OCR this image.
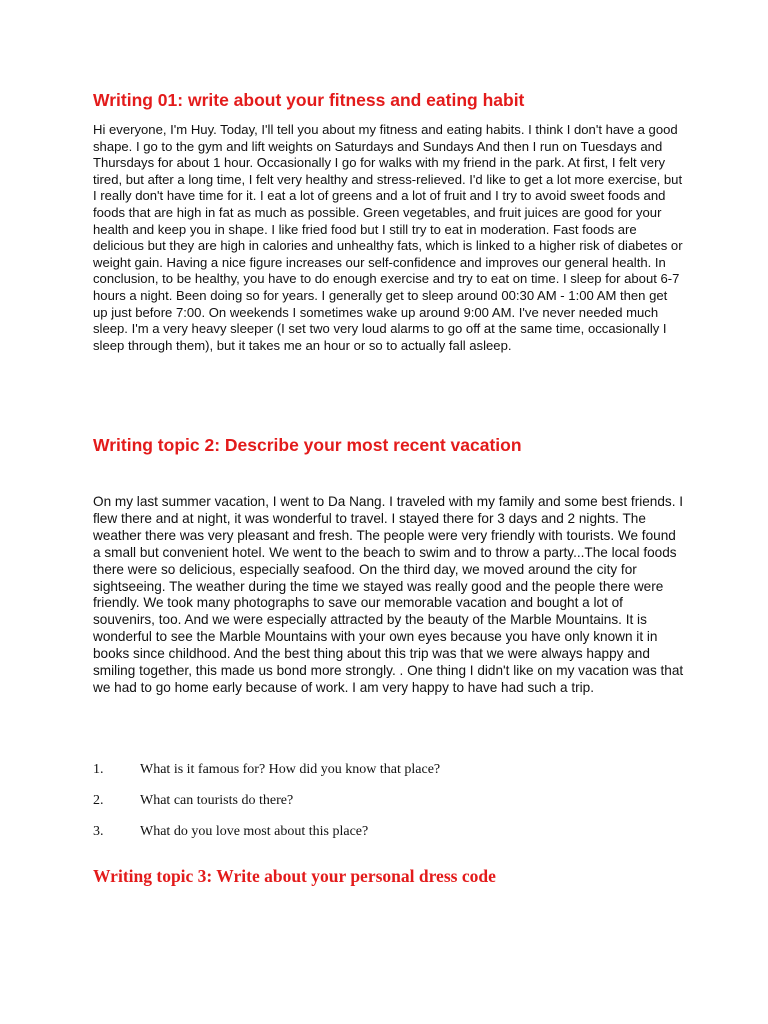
Writing 01: write about your fitness and eating habit

Hi everyone, I'm Huy. Today, I'll tell you about my fitness and eating habits. I think I don't have a good shape. I go to the gym and lift weights on Saturdays and Sundays And then I run on Tuesdays and Thursdays for about 1 hour. Occasionally I go for walks with my friend in the park. At first, I felt very tired, but after a long time, I felt very healthy and stress-relieved. I'd like to get a lot more exercise, but I really don't have time for it. I eat a lot of greens and a lot of fruit and I try to avoid sweet foods and foods that are high in fat as much as possible. Green vegetables, and fruit juices are good for your health and keep you in shape. I like fried food but I still try to eat in moderation. Fast foods are delicious but they are high in calories and unhealthy fats, which is linked to a higher risk of diabetes or weight gain. Having a nice figure increases our self-confidence and improves our general health. In conclusion, to be healthy, you have to do enough exercise and try to eat on time. I sleep for about 6-7 hours a night. Been doing so for years. I generally get to sleep around 00:30 AM - 1:00 AM then get up just before 7:00. On weekends I sometimes wake up around 9:00 AM. I've never needed much sleep. I'm a very heavy sleeper (I set two very loud alarms to go off at the same time, occasionally I sleep through them), but it takes me an hour or so to actually fall asleep.

Writing topic 2: Describe your most recent vacation

On my last summer vacation, I went to Da Nang. I traveled with my family and some best friends. I flew there and at night, it was wonderful to travel. I stayed there for 3 days and 2 nights. The weather there was very pleasant and fresh. The people were very friendly with tourists. We found a small but convenient hotel. We went to the beach to swim and to throw a party...The local foods there were so delicious, especially seafood. On the third day, we moved around the city for sightseeing. The weather during the time we stayed was really good and the people there were friendly. We took many photographs to save our memorable vacation and bought a lot of souvenirs, too. And we were especially attracted by the beauty of the Marble Mountains. It is wonderful to see the Marble Mountains with your own eyes because you have only known it in books since childhood. And the best thing about this trip was that we were always happy and smiling together, this made us bond more strongly. . One thing I didn't like on my vacation was that we had to go home early because of work. I am very happy to have had such a trip.

1.	What is it famous for? How did you know that place?
2.	What can tourists do there?
3.	What do you love most about this place?
Writing topic 3: Write about your personal dress code
